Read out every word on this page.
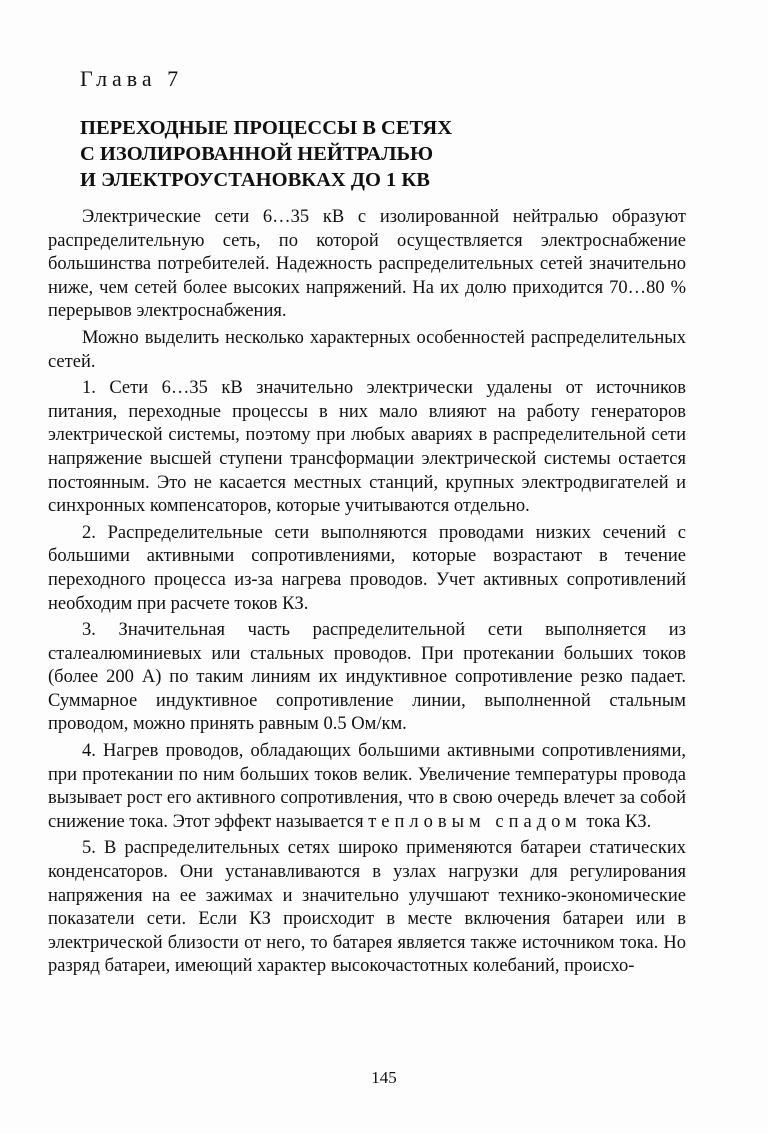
Глава 7
ПЕРЕХОДНЫЕ ПРОЦЕССЫ В СЕТЯХ
С ИЗОЛИРОВАННОЙ НЕЙТРАЛЬЮ
И ЭЛЕКТРОУСТАНОВКАХ ДО 1 КВ

Электрические сети 6…35 кВ с изолированной нейтралью образуют распределительную сеть, по которой осуществляется электроснабжение большинства потребителей. Надежность распределительных сетей значительно ниже, чем сетей более высоких напряжений. На их долю приходится 70…80 % перерывов электроснабжения.

Можно выделить несколько характерных особенностей распределительных сетей.

1. Сети 6…35 кВ значительно электрически удалены от источников питания, переходные процессы в них мало влияют на работу генераторов электрической системы, поэтому при любых авариях в распределительной сети напряжение высшей ступени трансформации электрической системы остается постоянным. Это не касается местных станций, крупных электродвигателей и синхронных компенсаторов, которые учитываются отдельно.

2. Распределительные сети выполняются проводами низких сечений с большими активными сопротивлениями, которые возрастают в течение переходного процесса из-за нагрева проводов. Учет активных сопротивлений необходим при расчете токов КЗ.

3. Значительная часть распределительной сети выполняется из сталеалюминиевых или стальных проводов. При протекании больших токов (более 200 А) по таким линиям их индуктивное сопротивление резко падает. Суммарное индуктивное сопротивление линии, выполненной стальным проводом, можно принять равным 0.5 Ом/км.

4. Нагрев проводов, обладающих большими активными сопротивлениями, при протекании по ним больших токов велик. Увеличение температуры провода вызывает рост его активного сопротивления, что в свою очередь влечет за собой снижение тока. Этот эффект называется тепловым спадом тока КЗ.

5. В распределительных сетях широко применяются батареи статических конденсаторов. Они устанавливаются в узлах нагрузки для регулирования напряжения на ее зажимах и значительно улучшают технико-экономические показатели сети. Если КЗ происходит в месте включения батареи или в электрической близости от него, то батарея является также источником тока. Но разряд батареи, имеющий характер высокочастотных колебаний, происхо-

145
